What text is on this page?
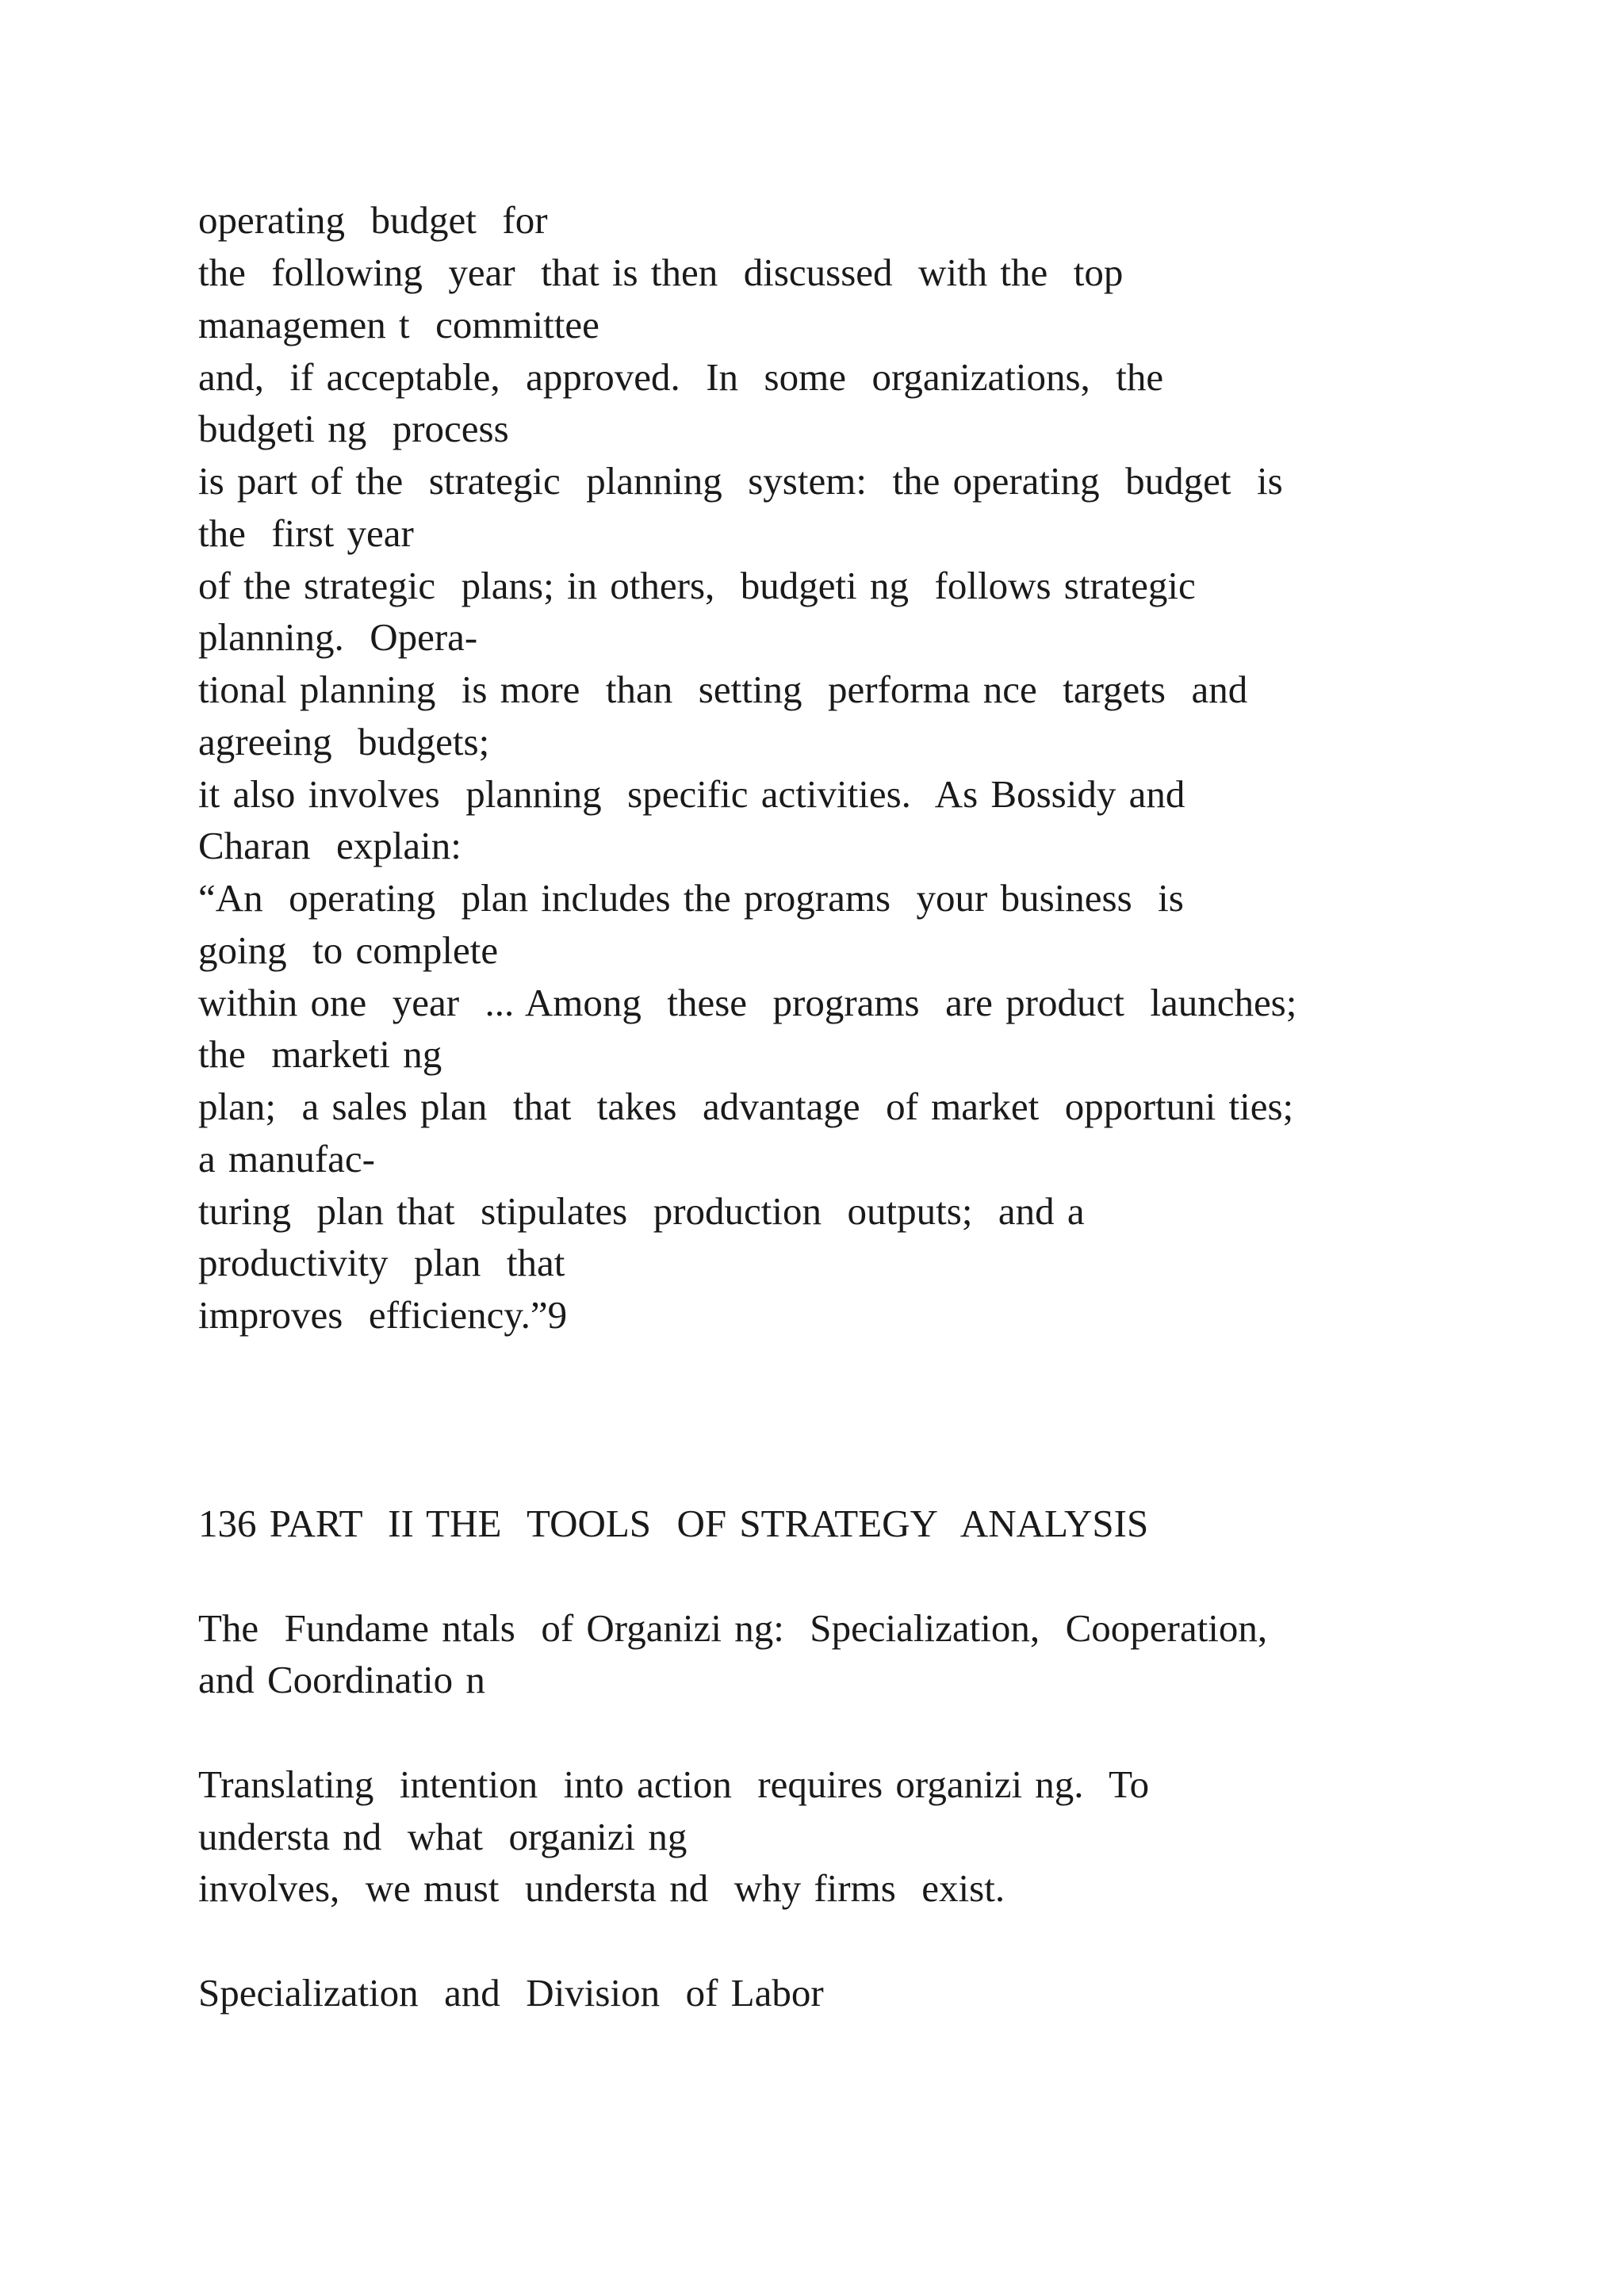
operating  budget  for

the  following  year  that is then  discussed  with the  top

managemen t  committee

and,  if acceptable,  approved.  In  some  organizations,  the

budgeti ng  process

is part of the  strategic  planning  system:  the operating  budget  is

the  first year

of the strategic  plans; in others,  budgeti ng  follows strategic

planning.  Opera-

tional planning  is more  than  setting  performa nce  targets  and

agreeing  budgets;

it also involves  planning  specific activities.  As Bossidy and

Charan  explain:

“An  operating  plan includes the programs  your business  is

going  to complete

within one  year  ... Among  these  programs  are product  launches;

the  marketi ng

plan;  a sales plan  that  takes  advantage  of market  opportuni ties;

a manufac-

turing  plan that  stipulates  production  outputs;  and a

productivity  plan  that

improves  efficiency.”9

136 PART  II THE  TOOLS  OF STRATEGY  ANALYSIS

The  Fundame ntals  of Organizi ng:  Specialization,  Cooperation,

and Coordinatio n

Translating  intention  into action  requires organizi ng.  To

understa nd  what  organizi ng

involves,  we must  understa nd  why firms  exist.

Specialization  and  Division  of Labor
